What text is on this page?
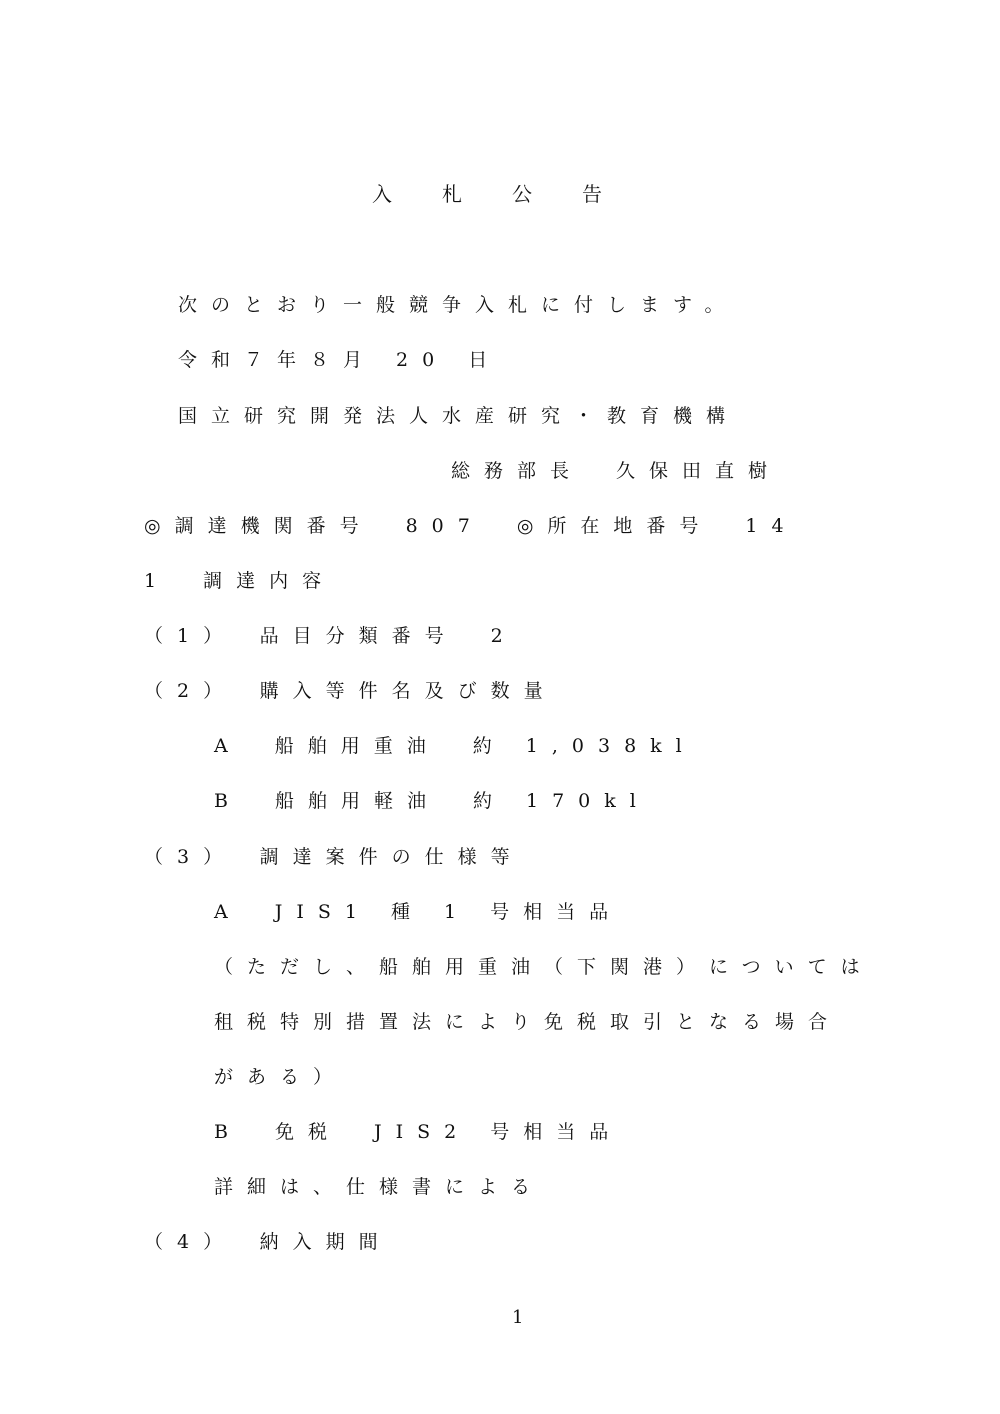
入札公告
次のとおり一般競争入札に付します。
令和７年８月 20 日
国立研究開発法人水産研究・教育機構
総務部長　久保田直樹
◎調達機関番号　807　◎所在地番号　14
1　調達内容
（1）　品目分類番号　2
（2）　購入等件名及び数量
A　船舶用重油　約 1,038kl
B　船舶用軽油　約 170kl
（3）　調達案件の仕様等
A　JIS1 種 1 号相当品
（ただし、船舶用重油（下関港）については
租税特別措置法により免税取引となる場合
がある）
B　免税　JIS2 号相当品
詳細は、仕様書による
（4）　納入期間
1
